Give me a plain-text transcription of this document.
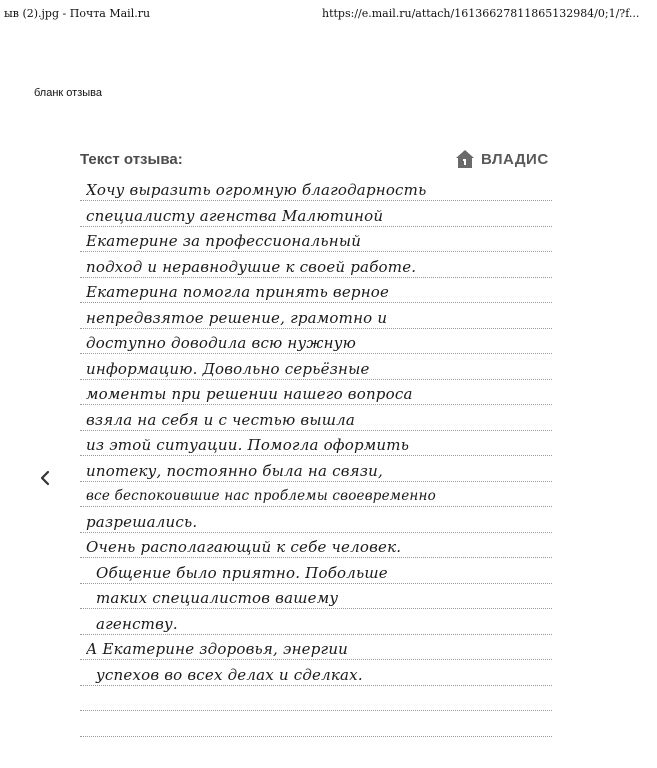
ыв (2).jpg - Почта Mail.ru	https://e.mail.ru/attach/16136627811865132984/0;1/?f...
бланк отзыва
Текст отзыва:	ВЛАДИС
Хочу выразить огромную благодарность
специалисту агенства Малютиной
Екатерине за профессиональный
подход и неравнодушие к своей работе.
Екатерина помогла принять верное
непредвзятое решение, грамотно и
доступно доводила всю нужную
информацию. Довольно серьёзные
моменты при решении нашего вопроса
взяла на себя и с честью вышла
из этой ситуации. Помогла оформить
ипотеку, постоянно была на связи,
все беспокоившие нас проблемы своевременно
разрешались.
Очень располагающий к себе человек.
Общение было приятно. Побольше
таких специалистов вашему
агенству.
А Екатерине здоровья, энергии
успехов во всех делах и сделках.
